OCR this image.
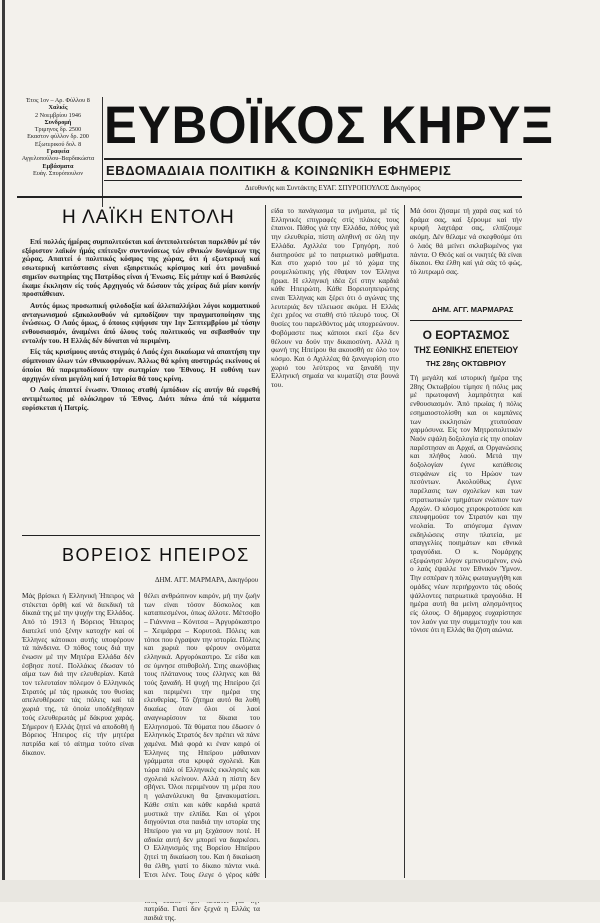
Έτος 1ον – Αρ. Φύλλου 8
Χαλκίς
2 Νοεμβρίου 1946
Συνδρομή
Τριμηνος δρ. 2500
Εκαστον φύλλον δρ. 200
Εξωτερικού δολ. 8
Γραφεία
Αγγελοπούλου–Βαρδακώστα
Εμβάσματα
Ευάγ. Σπυρόπουλον
ΕΥΒΟΪΚΟΣ ΚΗΡΥΞ
ΕΒΔΟΜΑΔΙΑΙΑ ΠΟΛΙΤΙΚΗ & ΚΟΙΝΩΝΙΚΗ ΕΦΗΜΕΡΙΣ
Διευθυνής και Συντάκτης ΕΥΑΓ. ΣΠΥΡΟΠΟΥΛΟΣ Δικηγόρος
Η ΛΑΪΚΗ ΕΝΤΟΛΗ

Επί πολλάς ήμέρας συμπολιτεύεται καί άντιπολιτεύεται παρελθόν μέ τόν εξόριστον λαϊκόν ήμάς επίτευξιν συντονίσεως τών εθνικών δυνάμεων της χώρας. Απαιτεί ό πολιτικός κόσμος της χώρας, ότι ή εξωτερική καί εσωτερική κατάστασις είναι εξαιρετικώς κρίσιμος καί ότι μοναδικό σημεϊον σωτηρίας της Πατρίδος είναι ή Ένωσις. Είς μάτην καί ό Βασιλεύς έκαμε έκκλησιν είς τούς Αρχηγούς νά δώσουν τάς χείρας διά μίαν κοινήν προσπάθειαν.

Αυτός όμως προσωπική φιλοδοξία καί άλλεπαλλήλοι λόγοι κομματικού ανταγωνισμού εξακολουθούν νά εμποδίζουν την πραγματοποίησιν της ένώσεως. Ο Λαός όμως, ό όποιος εψήφισε την 1ην Σεπτεμβρίου μέ τόσην ενθουσιασμόν, άναμένει άπό όλους τούς πολιτικούς να σεβασθούν την εντολήν του. Η Ελλάς δέν δύναται νά περιμένη.

Είς τάς κρισίμους αυτάς στιγμάς ό Λαός έχει δικαίωμα νά απαιτήση την σύμπνοιαν όλων τών εθνικοφρόνων. Άλλως θά κρίνη αυστηρώς εκείνους οί όποίοι θά παρεμποδίσουν την σωτηρίαν του Έθνους. Η ευθύνη των αρχηγών είναι μεγάλη καί ή Ιστορία θά τους κρίνη.

Ο Λαός άπαιτεί ένωσιν. Όποιος σταθή έμπόδιον είς αυτήν θά ευρεθή αντιμέτωπος μέ ολόκληρον τό Έθνος. Διότι πάνω άπό τά κόμματα ευρίσκεται ή Πατρίς.

ΒΟΡΕΙΟΣ ΗΠΕΙΡΟΣ
ΔΗΜ. ΑΓΓ. ΜΑΡΜΑΡΑ, Δικηγόρου
Μάς βρίσκει ή Ελληνική Ήπειρος νά στέκεται όρθή καί νά διεκδική τά δίκαιά της μέ την ψυχήν της Ελλάδος. Από τό 1913 ή Βόρειος Ήπειρος διατελεί υπό ξένην κατοχήν καί οί Έλληνες κάτοικοι αυτής υποφέρουν τά πάνδεινα. Ο πόθος τους διά την ένωσιν μέ την Μητέρα Ελλάδα δέν έσβησε ποτέ. Πολλάκις έδωσαν τό αίμα των διά την ελευθερίαν. Κατά τον τελευταίον πόλεμον ό Ελληνικός Στρατός μέ τάς ηρωικάς του θυσίας απελευθέρωσε τάς πόλεις καί τά χωριά της, τά όποία υποδέχθησαν τούς ελευθερωτάς μέ δάκρυα χαράς. Σήμερον ή Ελλάς ζητεί νά αποδοθή ή Βόρειος Ήπειρος είς τήν μητέρα πατρίδα καί τό αίτημα τούτο είναι δίκαιον.
θέλει ανθρώπινον καιρόν, μή την ζωήν των είναι τόσον δύσκολος και καταπιεσμένοι, όπως άλλοτε. Μέτσοβο – Γιάννινα – Κόνιτσα – Άργυρόκαστρο – Χειμάρρα – Κορυτσά. Πόλεις και τόποι που έγραψαν την ιστορία. Πόλεις και χωριά που φέρουν ονόματα ελληνικά. Αργυρόκαστρο. Σε είδα και σε ύμνησε σπιθοβολή. Στης αιωνόβιας τους πλάτανους τους έλληνες και θά τούς ξαναδή. Η ψυχή της Ηπείρου ζεί και περιμένει την ημέρα της ελευθερίας. Τό ζήτημα αυτό θα λυθή δικαίως όταν όλοι οί λαοί αναγνωρίσουν τα δίκαια του Ελληνισμού. Τά θύματα που έδωσεν ό Ελληνικός Στρατός δεν πρέπει νά πάνε χαμένα. Μιά φορά κι έναν καιρό οί Έλληνες της Ηπείρου μάθαιναν γράμματα στα κρυφά σχολειά. Και τώρα πάλι οί Ελληνικές εκκλησιές και σχολειά κλείνουν. Αλλά η πίστη δεν σβήνει. Όλοι περιμένουν τη μέρα που η γαλανόλευκη θα ξανακυματίσει. Κάθε σπίτι και κάθε καρδιά κρατά μυστικά την ελπίδα. Και οί γέροι διηγούνται στα παιδιά την ιστορία της Ηπείρου για να μη ξεχάσουν ποτέ. Η αδικία αυτή δεν μπορεί να διαρκέσει. Ο Ελληνισμός της Βορείου Ηπείρου ζητεί τη δικαίωση του. Και ή δικαίωση θα έλθη, γιατί το δίκαιο πάντα νικά. Έτσι λένε. Τους έλεγε ό γέρος κάθε πατρίδα. Γιατί δεν ξεχνά η Ελλάς τα παιδιά της.
είδα το πανάγιασμα τα μνήματα, μέ τίς Ελληνικές επιγραφές στίς πλάκες τους έπαινοι. Πάθος γιά την Ελλάδα, πόθος γιά την ελευθερία, πίστη αληθινή σε όλη την Ελλάδα. Αχιλλέα του Γρηγόρη, πού διατηρούσε μέ το πατριωτικό μαθήματα. Και στο χωριό του μέ τό χώμα της ρουμελιώτικης γής έθαψαν τον Έλληνα ήρωα. Η ελληνική ιδέα ζεί στην καρδιά κάθε Ηπειρώτη. Κάθε Βορειοηπειρώτης ειναι Έλληνας και ξέρει ότι ό αγώνας της λευτεριάς δεν τέλειωσε ακόμα. Η Ελλάς έχει χρέος να σταθή στό πλευρό τους. Οί θυσίες του παρελθόντος μάς υποχρεώνουν. Φοβόμαστε πως κάποιοι εκεί έξω δεν θέλουν να δούν την δικαιοσύνη. Αλλά η φωνή της Ηπείρου θα ακουσθή σε όλο τον κόσμο. Και ό Αχιλλέας θά ξαναγυρίση στο χωριό του λεύτερος να ξαναδή την Ελληνική σημαία να κυματίζη στα βουνά του.
Μά όσοι ζήσαμε τή χαρά σας καί τό δράμα σας, καί ξέρουμε καί τήν κρυφή λαχτάρα σας, ελπίζουμε ακόμη. Δέν θέλαμε νά σκεφθούμε ότι ό λαός θά μείνει σκλαβωμένος για πάντα. Ο Θεός καί οι νικητές θά είναι δίκαιοι. Θα έλθη καί γιά σάς τό φώς, τό λυτρωμό σας.
ΔΗΜ. ΑΓΓ. ΜΑΡΜΑΡΑΣ
Ο ΕΟΡΤΑΣΜΟΣ
ΤΗΣ ΕΘΝΙΚΗΣ ΕΠΕΤΕΙΟΥ
ΤΗΣ 28ης ΟΚΤΩΒΡΙΟΥ
Τή μεγάλη καί ιστορική ήμέρα της 28ης Οκτωβρίου τίμησε ή πόλις μας μέ πρωτοφανή λαμπρότητα καί ενθουσιασμόν. Άπό πρωίας ή πόλις εσημαιοστολίσθη και οι καμπάνες των εκκλησιών χτυπούσαν χαρμόσυνα. Είς τον Μητροπολιτικόν Ναόν εψάλη δοξολογία είς την οποίαν παρέστησαν αι Αρχαί, αι Οργανώσεις και πλήθος λαού. Μετά την δοξολογίαν έγινε κατάθεσις στεφάνων είς το Ηρώον των πεσόντων. Ακολούθως έγινε παρέλασις των σχολείων και των στρατιωτικών τμημάτων ενώπιον των Αρχών. Ο κόσμος χειροκροτούσε και επευφημούσε τον Στρατόν και την νεολαία. Το απόγευμα έγιναν εκδηλώσεις στην πλατεία, με απαγγελίες ποιημάτων και εθνικά τραγούδια. Ο κ. Νομάρχης εξεφώνησε λόγον εμπνευσμένον, ενώ ο λαός έψαλλε τον Εθνικόν Ύμνον. Την εσπέραν η πόλις φωταγωγήθη και ομάδες νέων περιήρχοντο τάς οδούς ψάλλοντες πατριωτικά τραγούδια. Η ημέρα αυτή θα μείνη αλησμόνητος είς όλους. Ο δήμαρχος ευχαρίστησε τον λαόν για την συμμετοχήν του και τόνισε ότι η Ελλάς θα ζήση αιώνια.
